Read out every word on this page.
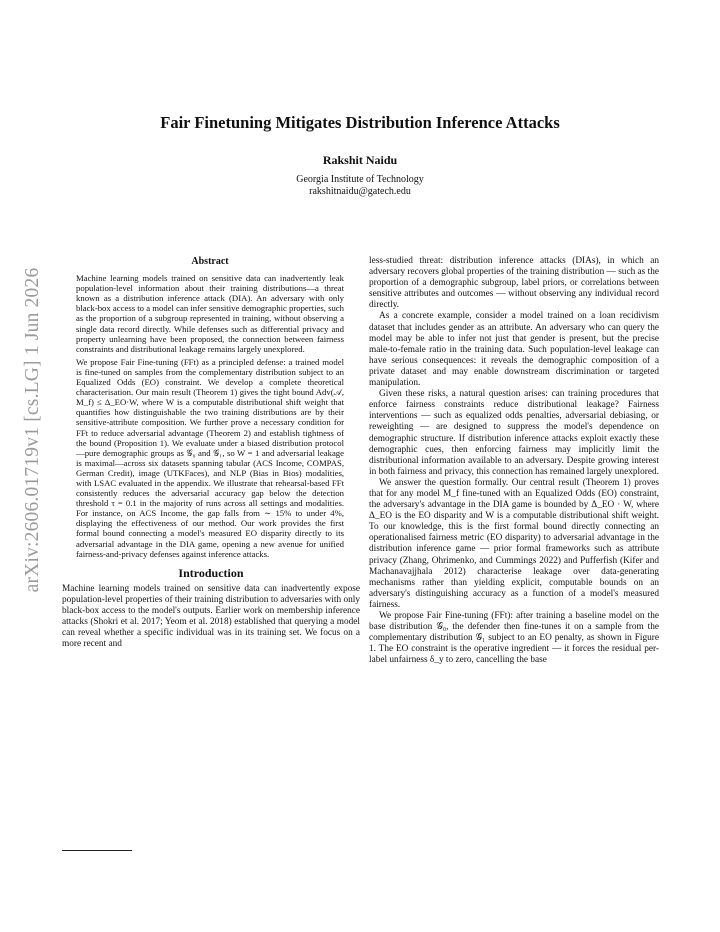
arXiv:2606.01719v1 [cs.LG] 1 Jun 2026
Fair Finetuning Mitigates Distribution Inference Attacks
Rakshit Naidu
Georgia Institute of Technology
rakshitnaidu@gatech.edu
Abstract

Machine learning models trained on sensitive data can inadvertently leak population-level information about their training distributions—a threat known as a distribution inference attack (DIA). An adversary with only black-box access to a model can infer sensitive demographic properties, such as the proportion of a subgroup represented in training, without observing a single data record directly. While defenses such as differential privacy and property unlearning have been proposed, the connection between fairness constraints and distributional leakage remains largely unexplored.

We propose Fair Fine-tuning (FFt) as a principled defense: a trained model is fine-tuned on samples from the complementary distribution subject to an Equalized Odds (EO) constraint. We develop a complete theoretical characterisation. Our main result (Theorem 1) gives the tight bound Adv(𝒜, M_f) ≤ Δ_EO·W, where W is a computable distributional shift weight that quantifies how distinguishable the two training distributions are by their sensitive-attribute composition. We further prove a necessary condition for FFt to reduce adversarial advantage (Theorem 2) and establish tightness of the bound (Proposition 1). We evaluate under a biased distribution protocol—pure demographic groups as 𝒢₀ and 𝒢₁, so W = 1 and adversarial leakage is maximal—across six datasets spanning tabular (ACS Income, COMPAS, German Credit), image (UTKFaces), and NLP (Bias in Bios) modalities, with LSAC evaluated in the appendix. We illustrate that rehearsal-based FFt consistently reduces the adversarial accuracy gap below the detection threshold τ = 0.1 in the majority of runs across all settings and modalities. For instance, on ACS Income, the gap falls from ∼ 15% to under 4%, displaying the effectiveness of our method. Our work provides the first formal bound connecting a model's measured EO disparity directly to its adversarial advantage in the DIA game, opening a new avenue for unified fairness-and-privacy defenses against inference attacks.

Introduction

Machine learning models trained on sensitive data can inadvertently expose population-level properties of their training distribution to adversaries with only black-box access to the model's outputs. Earlier work on membership inference attacks (Shokri et al. 2017; Yeom et al. 2018) established that querying a model can reveal whether a specific individual was in its training set. We focus on a more recent and

less-studied threat: distribution inference attacks (DIAs), in which an adversary recovers global properties of the training distribution — such as the proportion of a demographic subgroup, label priors, or correlations between sensitive attributes and outcomes — without observing any individual record directly.

As a concrete example, consider a model trained on a loan recidivism dataset that includes gender as an attribute. An adversary who can query the model may be able to infer not just that gender is present, but the precise male-to-female ratio in the training data. Such population-level leakage can have serious consequences: it reveals the demographic composition of a private dataset and may enable downstream discrimination or targeted manipulation.

Given these risks, a natural question arises: can training procedures that enforce fairness constraints reduce distributional leakage? Fairness interventions — such as equalized odds penalties, adversarial debiasing, or reweighting — are designed to suppress the model's dependence on demographic structure. If distribution inference attacks exploit exactly these demographic cues, then enforcing fairness may implicitly limit the distributional information available to an adversary. Despite growing interest in both fairness and privacy, this connection has remained largely unexplored.

We answer the question formally. Our central result (Theorem 1) proves that for any model M_f fine-tuned with an Equalized Odds (EO) constraint, the adversary's advantage in the DIA game is bounded by Δ_EO · W, where Δ_EO is the EO disparity and W is a computable distributional shift weight. To our knowledge, this is the first formal bound directly connecting an operationalised fairness metric (EO disparity) to adversarial advantage in the distribution inference game — prior formal frameworks such as attribute privacy (Zhang, Ohrimenko, and Cummings 2022) and Pufferfish (Kifer and Machanavajjhala 2012) characterise leakage over data-generating mechanisms rather than yielding explicit, computable bounds on an adversary's distinguishing accuracy as a function of a model's measured fairness.

We propose Fair Fine-tuning (FFt): after training a baseline model on the base distribution 𝒢₀, the defender then fine-tunes it on a sample from the complementary distribution 𝒢₁ subject to an EO penalty, as shown in Figure 1. The EO constraint is the operative ingredient — it forces the residual per-label unfairness δ_y to zero, cancelling the base
